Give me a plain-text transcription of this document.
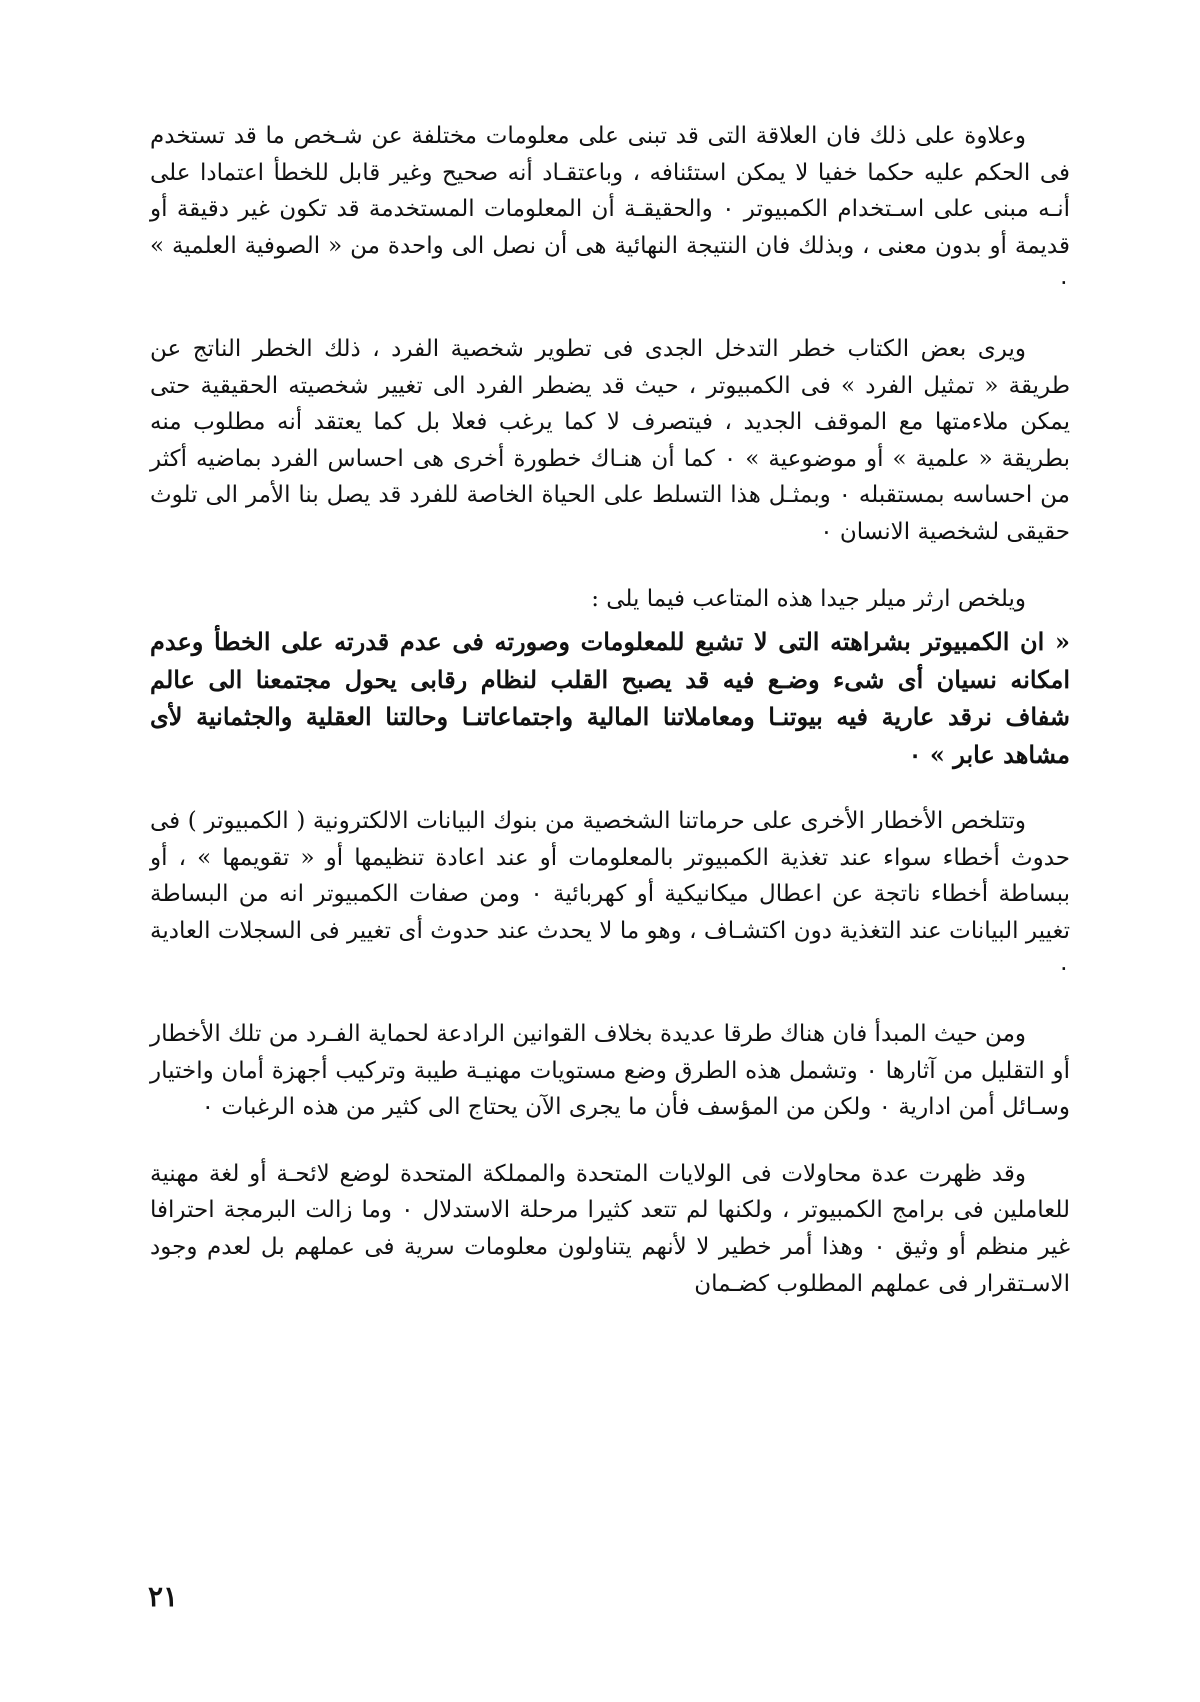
وعلاوة على ذلك فان العلاقة التى قد تبنى على معلومات مختلفة عن شـخص ما قد تستخدم فى الحكم عليه حكما خفيا لا يمكن استئنافه ، وباعتقـاد أنه صحيح وغير قابل للخطأ اعتمادا على أنـه مبنى على اسـتخدام الكمبيوتر ٠ والحقيقـة أن المعلومات المستخدمة قد تكون غير دقيقة أو قديمة أو بدون معنى ، وبذلك فان النتيجة النهائية هى أن نصل الى واحدة من « الصوفية العلمية » ٠

ويرى بعض الكتاب خطر التدخل الجدى فى تطوير شخصية الفرد ، ذلك الخطر الناتج عن طريقة « تمثيل الفرد » فى الكمبيوتر ، حيث قد يضطر الفرد الى تغيير شخصيته الحقيقية حتى يمكن ملاءمتها مع الموقف الجديد ، فيتصرف لا كما يرغب فعلا بل كما يعتقد أنه مطلوب منه بطريقة « علمية » أو موضوعية » ٠ كما أن هنـاك خطورة أخرى هى احساس الفرد بماضيه أكثر من احساسه بمستقبله ٠ وبمثـل هذا التسلط على الحياة الخاصة للفرد قد يصل بنا الأمر الى تلوث حقيقى لشخصية الانسان ٠

ويلخص ارثر ميلر جيدا هذه المتاعب فيما يلى :

« ان الكمبيوتر بشراهته التى لا تشبع للمعلومات وصورته فى عدم قدرته على الخطأ وعدم امكانه نسيان أى شىء وضـع فيه قد يصبح القلب لنظام رقابى يحول مجتمعنا الى عالم شفاف نرقد عارية فيه بيوتنـا ومعاملاتنا المالية واجتماعاتنـا وحالتنا العقلية والجثمانية لأى مشاهد عابر » ٠

وتتلخص الأخطار الأخرى على حرماتنا الشخصية من بنوك البيانات الالكترونية ( الكمبيوتر ) فى حدوث أخطاء سواء عند تغذية الكمبيوتر بالمعلومات أو عند اعادة تنظيمها أو « تقويمها » ، أو ببساطة أخطاء ناتجة عن اعطال ميكانيكية أو كهربائية ٠ ومن صفات الكمبيوتر انه من البساطة تغيير البيانات عند التغذية دون اكتشـاف ، وهو ما لا يحدث عند حدوث أى تغيير فى السجلات العادية ٠

ومن حيث المبدأ فان هناك طرقا عديدة بخلاف القوانين الرادعة لحماية الفـرد من تلك الأخطار أو التقليل من آثارها ٠ وتشمل هذه الطرق وضع مستويات مهنيـة طيبة وتركيب أجهزة أمان واختيار وسـائل أمن ادارية ٠ ولكن من المؤسف فأن ما يجرى الآن يحتاج الى كثير من هذه الرغبات ٠

وقد ظهرت عدة محاولات فى الولايات المتحدة والمملكة المتحدة لوضع لائحـة أو لغة مهنية للعاملين فى برامج الكمبيوتر ، ولكنها لم تتعد كثيرا مرحلة الاستدلال ٠ وما زالت البرمجة احترافا غير منظم أو وثيق ٠ وهذا أمر خطير لا لأنهم يتناولون معلومات سرية فى عملهم بل لعدم وجود الاسـتقرار فى عملهم المطلوب كضـمان

٢١
